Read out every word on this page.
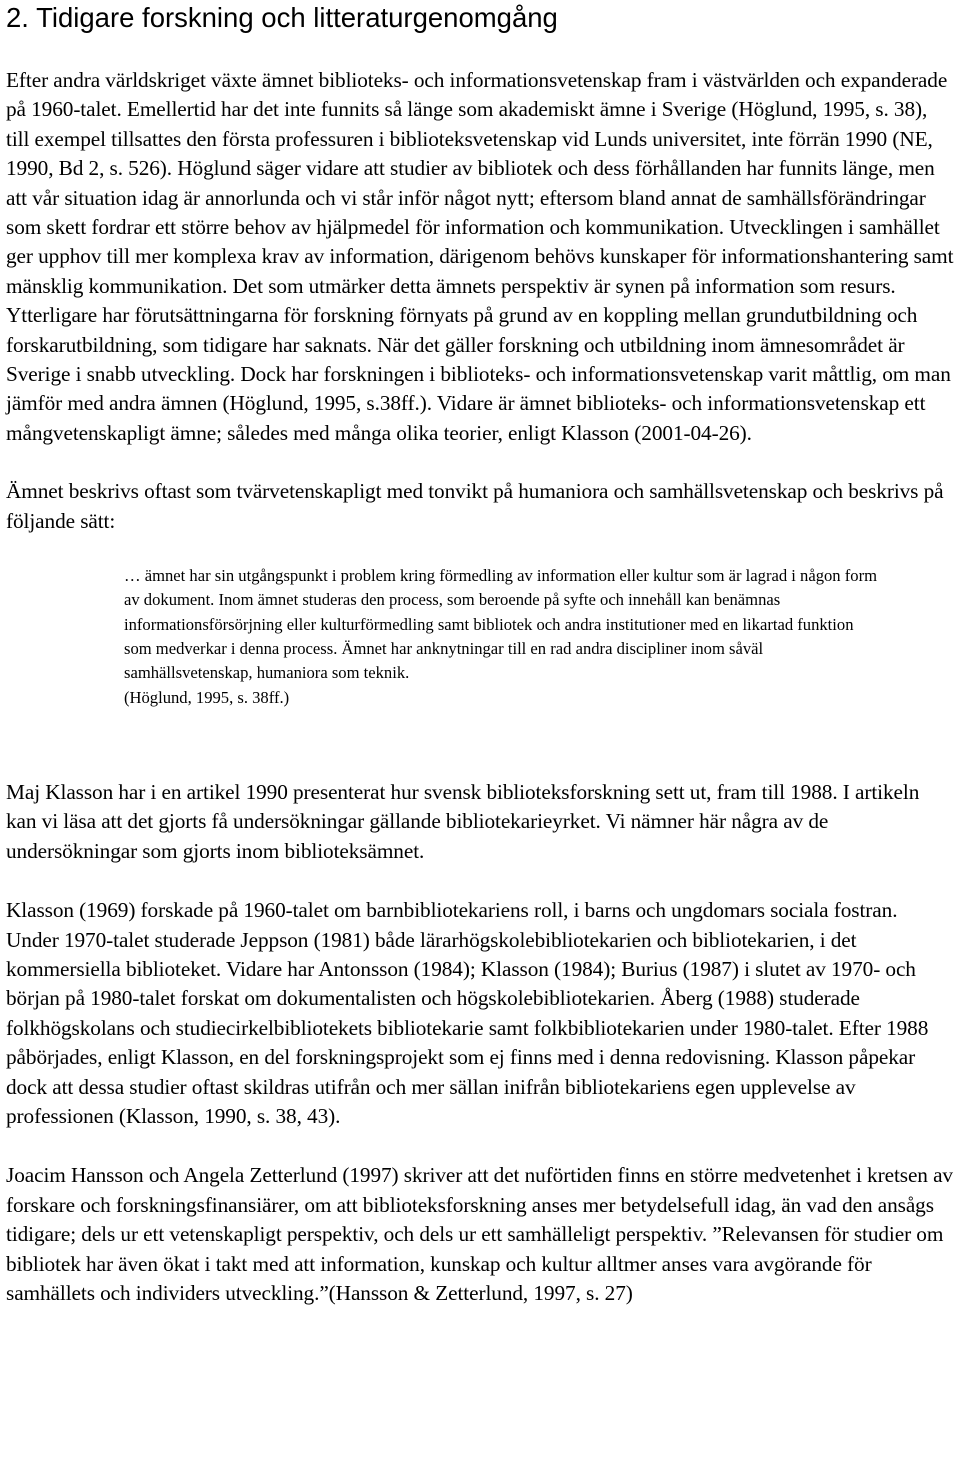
2. Tidigare forskning och litteraturgenomgång

Efter andra världskriget växte ämnet biblioteks- och informationsvetenskap fram i västvärlden och expanderade på 1960-talet. Emellertid har det inte funnits så länge som akademiskt ämne i Sverige (Höglund, 1995, s. 38), till exempel tillsattes den första professuren i biblioteksvetenskap vid Lunds universitet, inte förrän 1990 (NE, 1990, Bd 2, s. 526). Höglund säger vidare att studier av bibliotek och dess förhållanden har funnits länge, men att vår situation idag är annorlunda och vi står inför något nytt; eftersom bland annat de samhällsförändringar som skett fordrar ett större behov av hjälpmedel för information och kommunikation. Utvecklingen i samhället ger upphov till mer komplexa krav av information, därigenom behövs kunskaper för informationshantering samt mänsklig kommunikation. Det som utmärker detta ämnets perspektiv är synen på information som resurs. Ytterligare har förutsättningarna för forskning förnyats på grund av en koppling mellan grundutbildning och forskarutbildning, som tidigare har saknats. När det gäller forskning och utbildning inom ämnesområdet är Sverige i snabb utveckling. Dock har forskningen i biblioteks- och informationsvetenskap varit måttlig, om man jämför med andra ämnen (Höglund, 1995, s.38ff.). Vidare är ämnet biblioteks- och informationsvetenskap ett mångvetenskapligt ämne; således med många olika teorier, enligt Klasson (2001-04-26).

Ämnet beskrivs oftast som tvärvetenskapligt med tonvikt på humaniora och samhällsvetenskap och beskrivs på följande sätt:

… ämnet har sin utgångspunkt i problem kring förmedling av information eller kultur som är lagrad i någon form av dokument. Inom ämnet studeras den process, som beroende på syfte och innehåll kan benämnas informationsförsörjning eller kulturförmedling samt bibliotek och andra institutioner med en likartad funktion som medverkar i denna process. Ämnet har anknytningar till en rad andra discipliner inom såväl samhällsvetenskap, humaniora som teknik.
(Höglund, 1995, s. 38ff.)

Maj Klasson har i en artikel 1990 presenterat hur svensk biblioteksforskning sett ut, fram till 1988. I artikeln kan vi läsa att det gjorts få undersökningar gällande bibliotekarieyrket. Vi nämner här några av de undersökningar som gjorts inom biblioteksämnet.

Klasson (1969) forskade på 1960-talet om barnbibliotekariens roll, i barns och ungdomars sociala fostran. Under 1970-talet studerade Jeppson (1981) både lärarhögskolebibliotekarien och bibliotekarien, i det kommersiella biblioteket. Vidare har Antonsson (1984); Klasson (1984); Burius (1987) i slutet av 1970- och början på 1980-talet forskat om dokumentalisten och högskolebibliotekarien. Åberg (1988) studerade folkhögskolans och studiecirkelbibliotekets bibliotekarie samt folkbibliotekarien under 1980-talet. Efter 1988 påbörjades, enligt Klasson, en del forskningsprojekt som ej finns med i denna redovisning. Klasson påpekar dock att dessa studier oftast skildras utifrån och mer sällan inifrån bibliotekariens egen upplevelse av professionen (Klasson, 1990, s. 38, 43).

Joacim Hansson och Angela Zetterlund (1997) skriver att det nuförtiden finns en större medvetenhet i kretsen av forskare och forskningsfinansiärer, om att biblioteksforskning anses mer betydelsefull idag, än vad den ansågs tidigare; dels ur ett vetenskapligt perspektiv, och dels ur ett samhälleligt perspektiv. ”Relevansen för studier om bibliotek har även ökat i takt med att information, kunskap och kultur alltmer anses vara avgörande för samhällets och individers utveckling.”(Hansson & Zetterlund, 1997, s. 27)
